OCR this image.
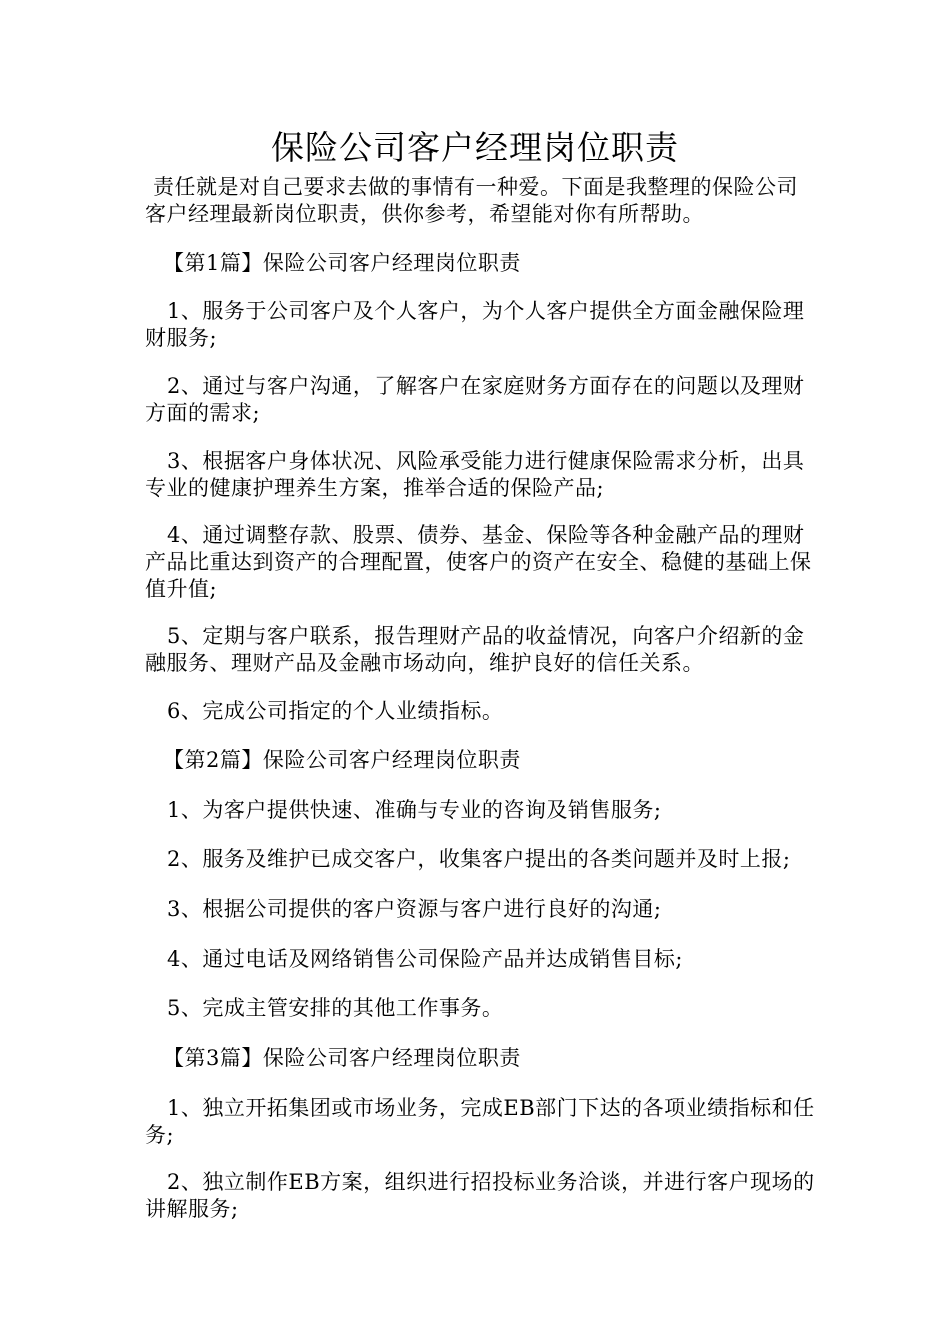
保险公司客户经理岗位职责

责任就是对自己要求去做的事情有一种爱。下面是我整理的保险公司客户经理最新岗位职责，供你参考，希望能对你有所帮助。

【第1篇】保险公司客户经理岗位职责

1、服务于公司客户及个人客户，为个人客户提供全方面金融保险理财服务;

2、通过与客户沟通，了解客户在家庭财务方面存在的问题以及理财方面的需求;

3、根据客户身体状况、风险承受能力进行健康保险需求分析，出具专业的健康护理养生方案，推举合适的保险产品;

4、通过调整存款、股票、债券、基金、保险等各种金融产品的理财产品比重达到资产的合理配置，使客户的资产在安全、稳健的基础上保值升值;

5、定期与客户联系，报告理财产品的收益情况，向客户介绍新的金融服务、理财产品及金融市场动向，维护良好的信任关系。

6、完成公司指定的个人业绩指标。

【第2篇】保险公司客户经理岗位职责

1、为客户提供快速、准确与专业的咨询及销售服务;

2、服务及维护已成交客户，收集客户提出的各类问题并及时上报;

3、根据公司提供的客户资源与客户进行良好的沟通;

4、通过电话及网络销售公司保险产品并达成销售目标;

5、完成主管安排的其他工作事务。

【第3篇】保险公司客户经理岗位职责

1、独立开拓集团或市场业务，完成EB部门下达的各项业绩指标和任务;

2、独立制作EB方案，组织进行招投标业务洽谈，并进行客户现场的讲解服务;
